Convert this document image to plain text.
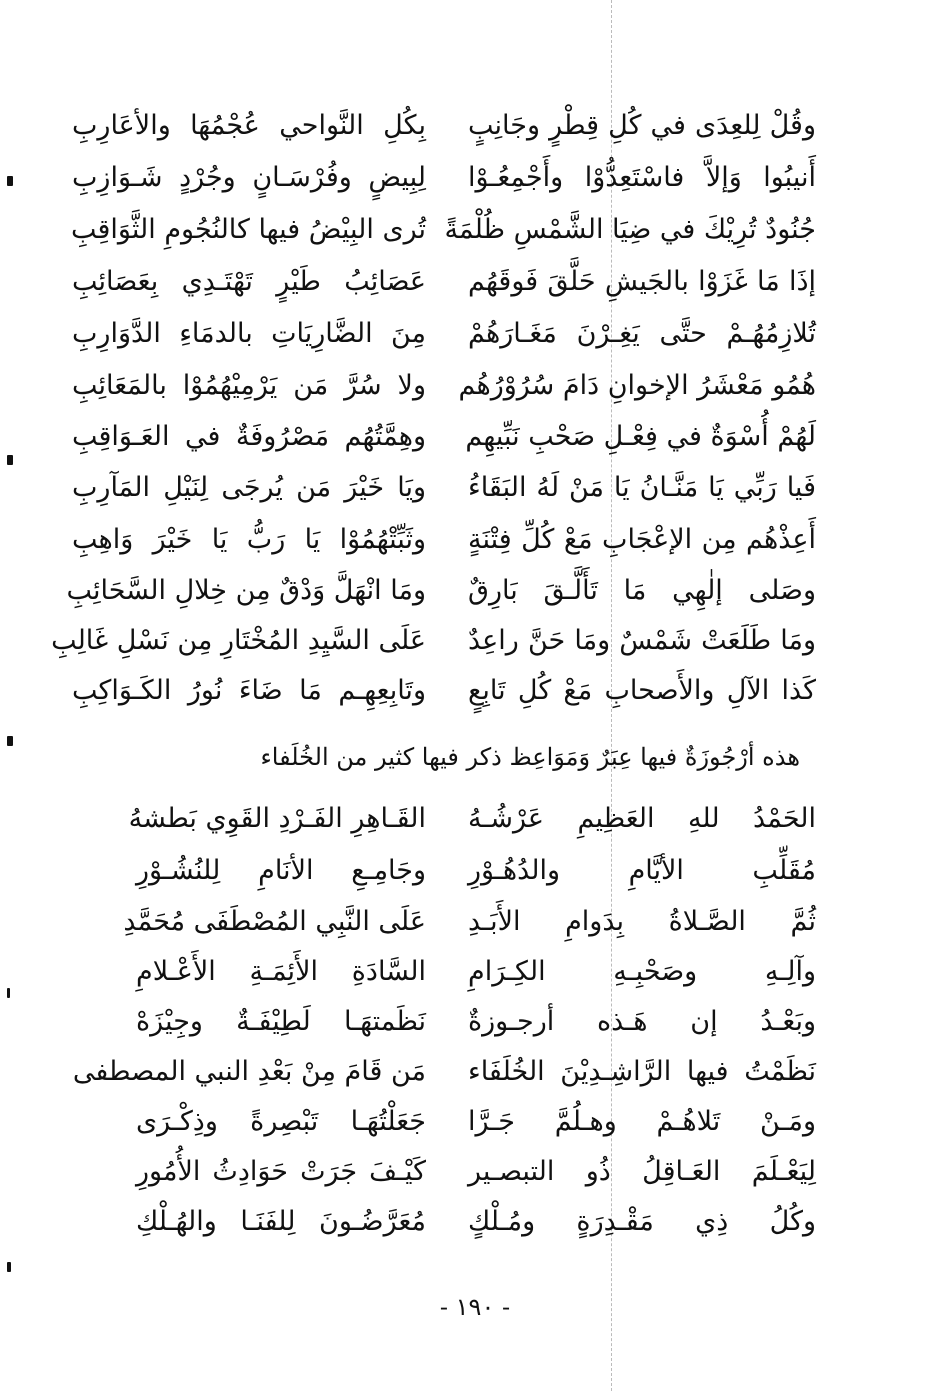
وقُلْ لِلعِدَى في كُلِ قِطْرٍ وجَانِبٍ
بِكُلِ النَّواحي عُجْمُهَا والأعَارِبِ
أَنيبُوا وَإلاَّ فاسْتَعِدُّوْا وأَجْمِعُـوْا
لِبِيضٍ وفُرْسَـانٍ وجُرْدٍ شَـوَازِبِ
جُنُودٌ تُرِيْكَ في ضِيَا الشَّمْسِ ظُلْمَةً
تُرى البِيْضُ فيها كالنُجُومِ الثَّوَاقِبِ
إذَا مَا غَزَوْا بالجَيشِ حَلَّقَ فَوقَهُم
عَصَائِبُ طَيْرٍ تَهْتَـدِي بِعَصَائِبِ
تُلازِمُهُـمْ حتَّى يَغِـرْنَ مَغَـارَهُمْ
مِنَ الضَّارِيَاتِ بالدمَاءِ الدَّوَارِبِ
هُمُو مَعْشَرُ الإخوانِ دَامَ سُرُوْرُهُم
ولا سُرَّ مَن يَرْمِيْهُمُوْا بالمَعَائِبِ
لَهُمْ أُسْوَةٌ في فِعْـلِ صَحْبِ نَبِّيهِم
وهِمَّتُهُم مَصْرُوفَةٌ في العَـوَاقِبِ
فَيا رَبِّي يَا مَنَّـانُ يَا مَنْ لَهُ البَقَاءُ
ويَا خَيْرَ مَن يُرجَى لِنَيْلِ المَآرِبِ
أَعِذْهُم مِن الإعْجَابِ مَعْ كُلِّ فِتْنَةٍ
وثَبِّتْهُمُوْا يَا رَبُّ يَا خَيْرَ وَاهِبِ
وصَلى إلٰهِي مَا تَأَلَّـقَ بَارِقٌ
ومَا انْهَلَّ وَدْقٌ مِن خِلالِ السَّحَائِبِ
ومَا طَلَعَتْ شَمْسٌ ومَا حَنَّ راعِدٌ
عَلَى السَّيِدِ المُخْتَارِ مِن نَسْلِ غَالِبِ
كَذا الآلِ والأَصحابِ مَعْ كُلِ تَابِعٍ
وتَابِعِهِـم مَا ضَاءَ نُورُ الكَـوَاكِبِ
هذه أرْجُوزَةٌ فيها عِبَرٌ وَمَوَاعِظ ذكر فيها كثير من الخُلَفاء
الحَمْدُ للهِ العَظِيمِ عَرْشُـهُ
القَـاهِرِ الفَـرْدِ القَوِي بَطشهُ
مُقَلِّبِ الأيَّامِ والدُهُـوْرِ
وجَامِـعِ الأنَامِ لِلنُشُـوْرِ
ثُمَّ الصَّـلاةُ بِدَوامِ الأَبَـدِ
عَلَى النَّبِي المُصْطَفَى مُحَمَّدِ
وآلِـهِ وصَحْبِـهِ الكِـرَامِ
السَّادَةِ الأَئِمَـةِ الأَعْـلامِ
وبَعْـدُ إن هَـذه أرجـوزةٌ
نَظَمتهَـا لَطِيْفَـةٌ وجِيْزَهْ
نَظَمْتُ فيها الرَّاشِـدِيْنَ الخُلَفَاء
مَن قَامَ مِنْ بَعْدِ النبي المصطفى
ومَـنْ تَلاهُـمْ وهـلُمَّ جَـرَّا
جَعَلْتُهَـا تَبْصِرةً وذِكْـرَى
لِيَعْـلَمَ العَـاقِلُ ذُو التبصـير
كَيْـفَ جَرَتْ حَوَادِثُ الأُمُورِ
وكُلُ ذِي مَقْـدِرَةٍ ومُـلْكٍ
مُعَرَّضُـونَ لِلفَنَـا والهُـلْكِ
- ١٩٠ -
